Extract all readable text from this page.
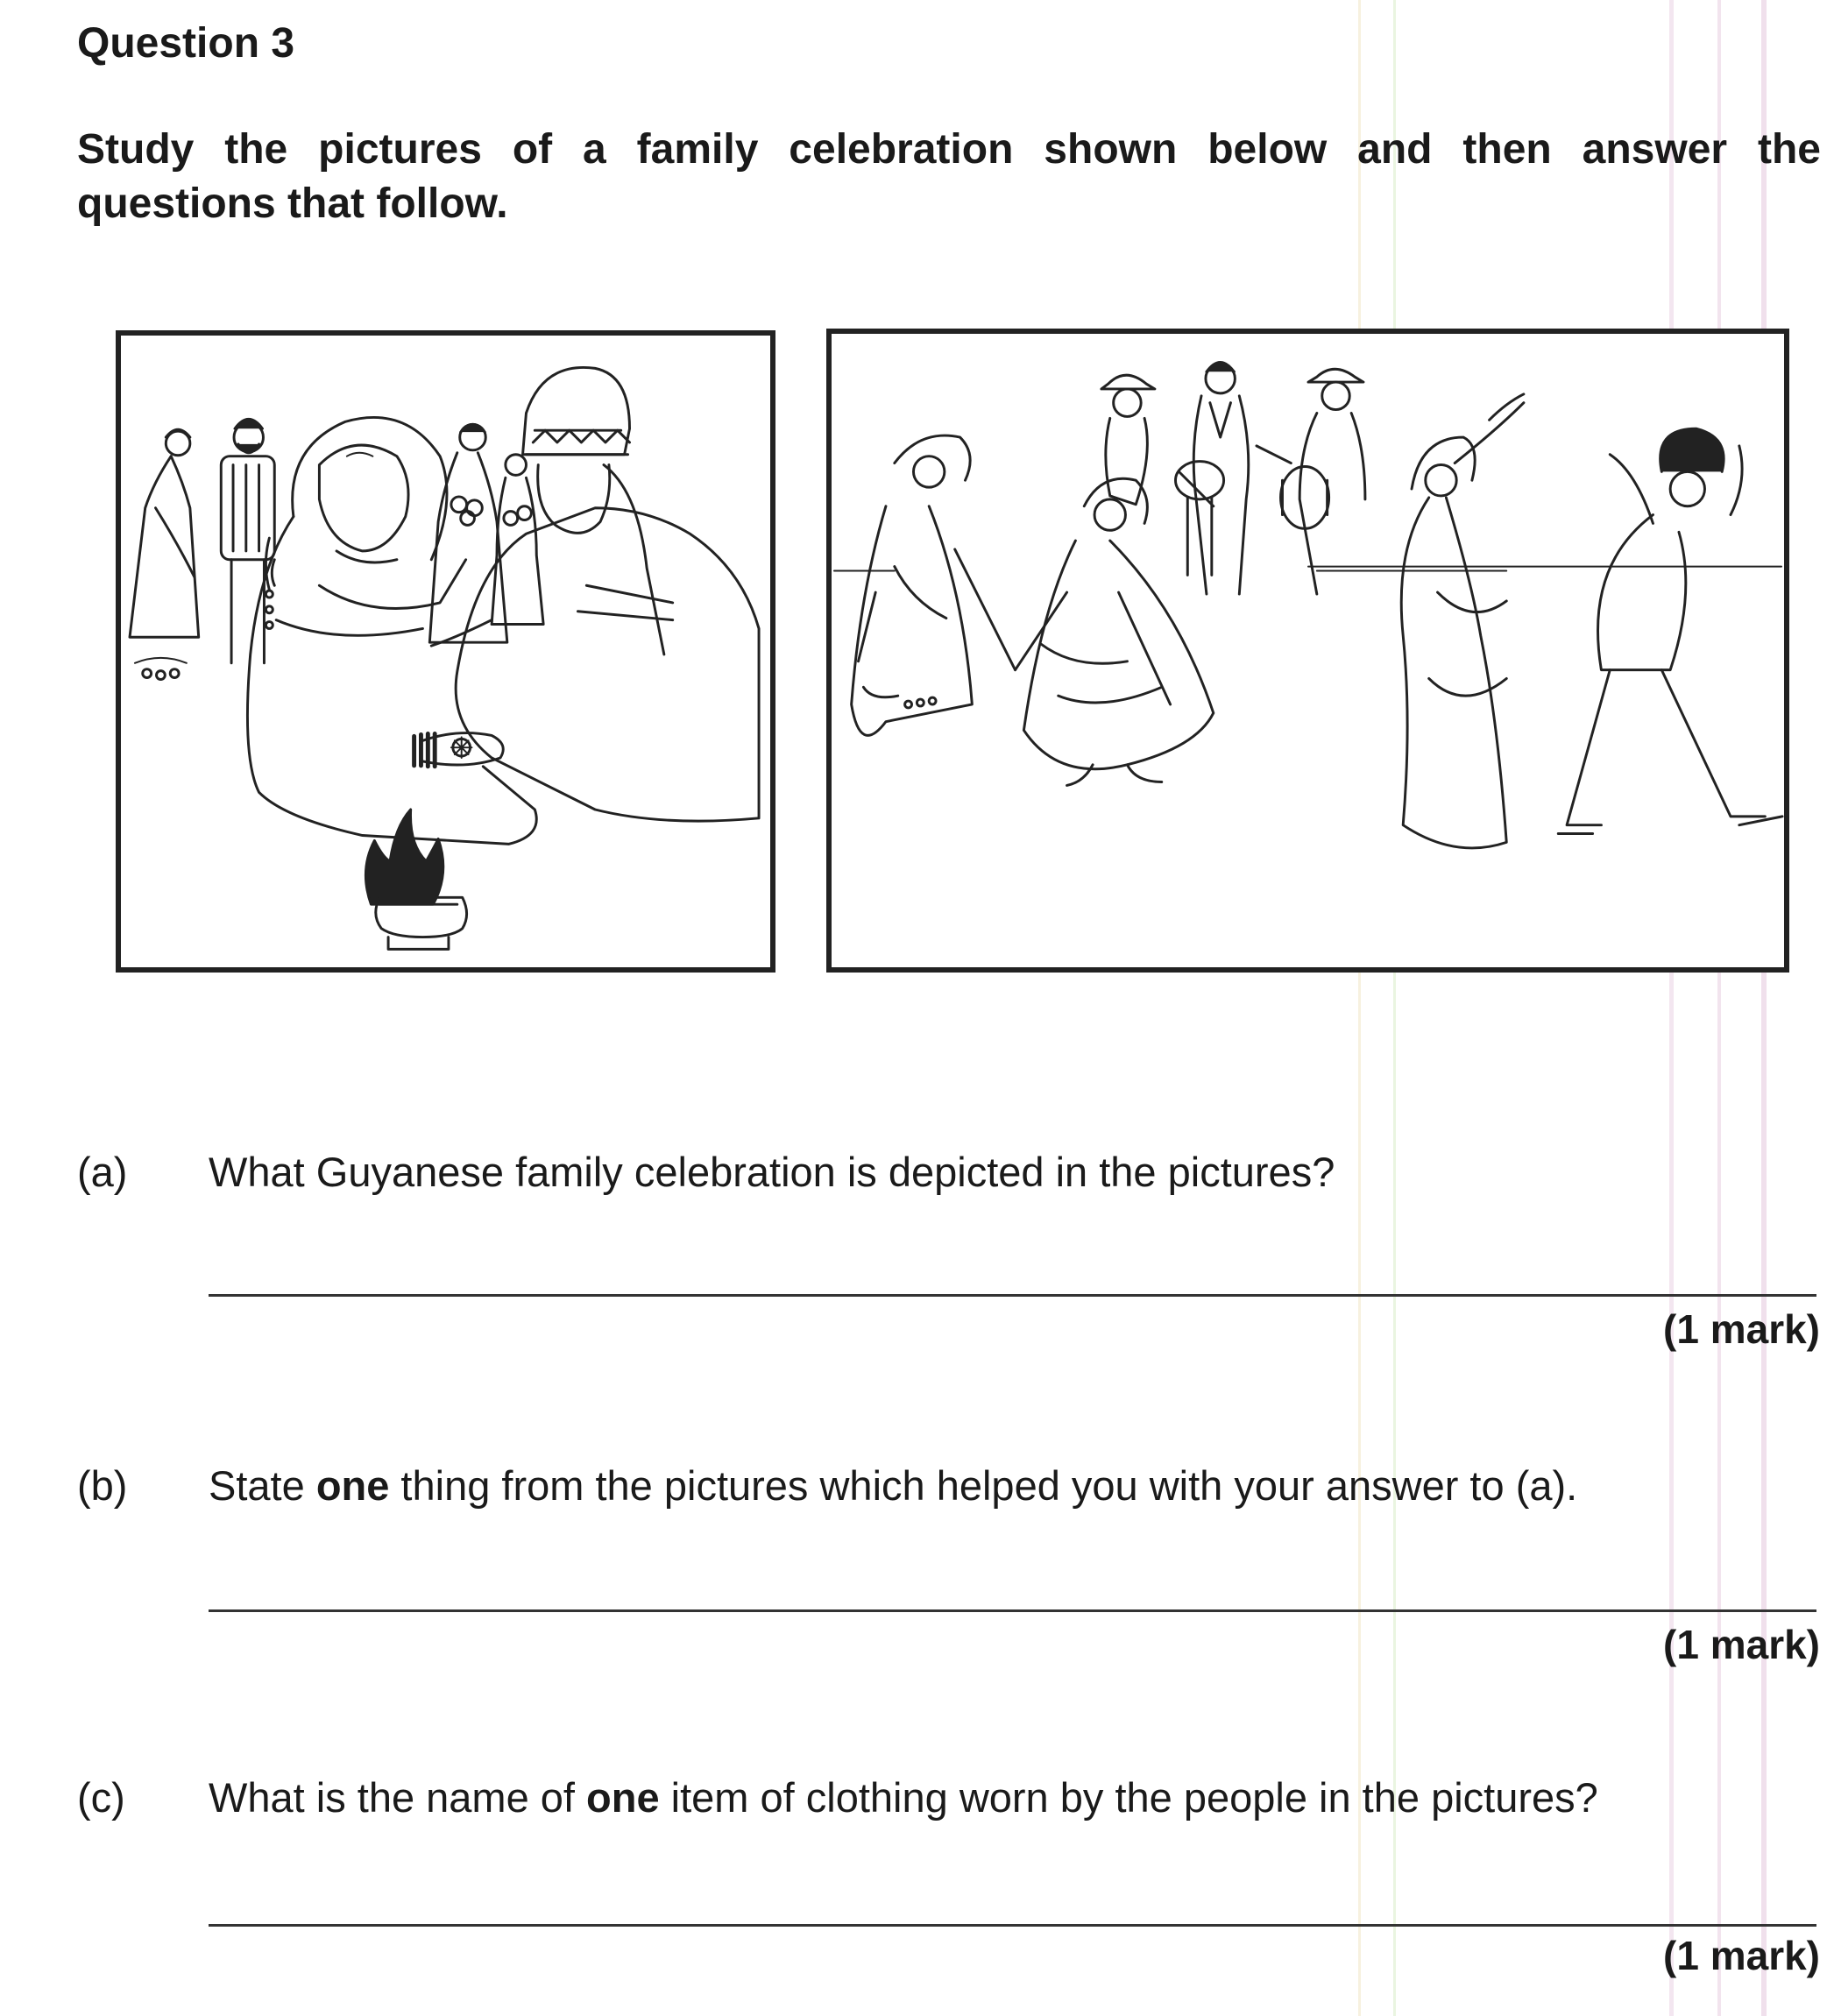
Question 3
Study the pictures of a family celebration shown below and then answer the
questions that follow.
(a) What Guyanese family celebration is depicted in the pictures?
(1 mark)
(b) State one thing from the pictures which helped you with your answer to (a).
(1 mark)
(c) What is the name of one item of clothing worn by the people in the pictures?
(1 mark)
